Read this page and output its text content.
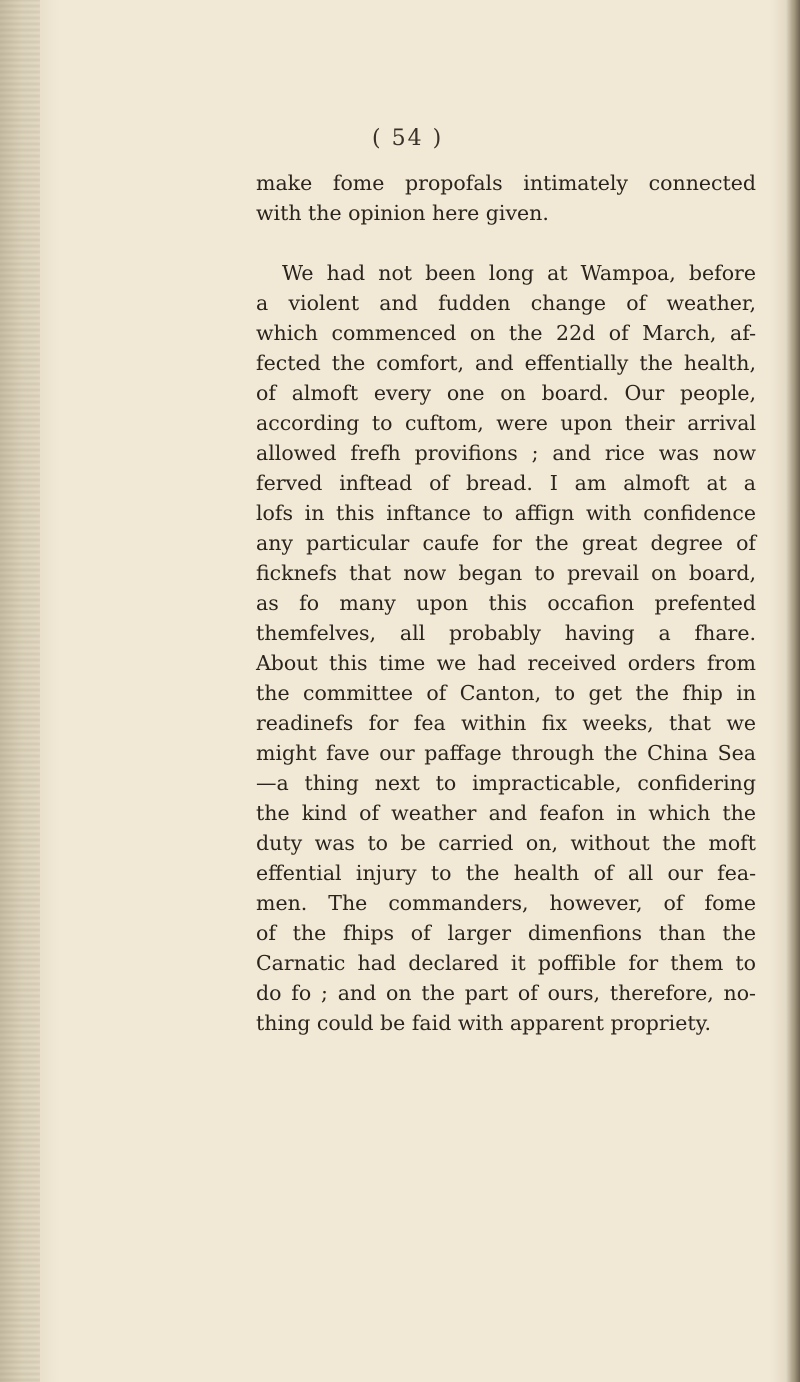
( 54 )
make fome propofals intimately connected
with the opinion here given.
We had not been long at Wampoa, before
a violent and fudden change of weather,
which commenced on the 22d of March, af-
fected the comfort, and effentially the health,
of almoft every one on board. Our people,
according to cuftom, were upon their arrival
allowed frefh provifions ; and rice was now
ferved inftead of bread. I am almoft at a
lofs in this inftance to affign with confidence
any particular caufe for the great degree of
ficknefs that now began to prevail on board,
as fo many upon this occafion prefented
themfelves, all probably having a fhare.
About this time we had received orders from
the committee of Canton, to get the fhip in
readinefs for fea within fix weeks, that we
might fave our paffage through the China Sea
—a thing next to impracticable, confidering
the kind of weather and feafon in which the
duty was to be carried on, without the moft
effential injury to the health of all our fea-
men. The commanders, however, of fome
of the fhips of larger dimenfions than the
Carnatic had declared it poffible for them to
do fo ; and on the part of ours, therefore, no-
thing could be faid with apparent propriety.
